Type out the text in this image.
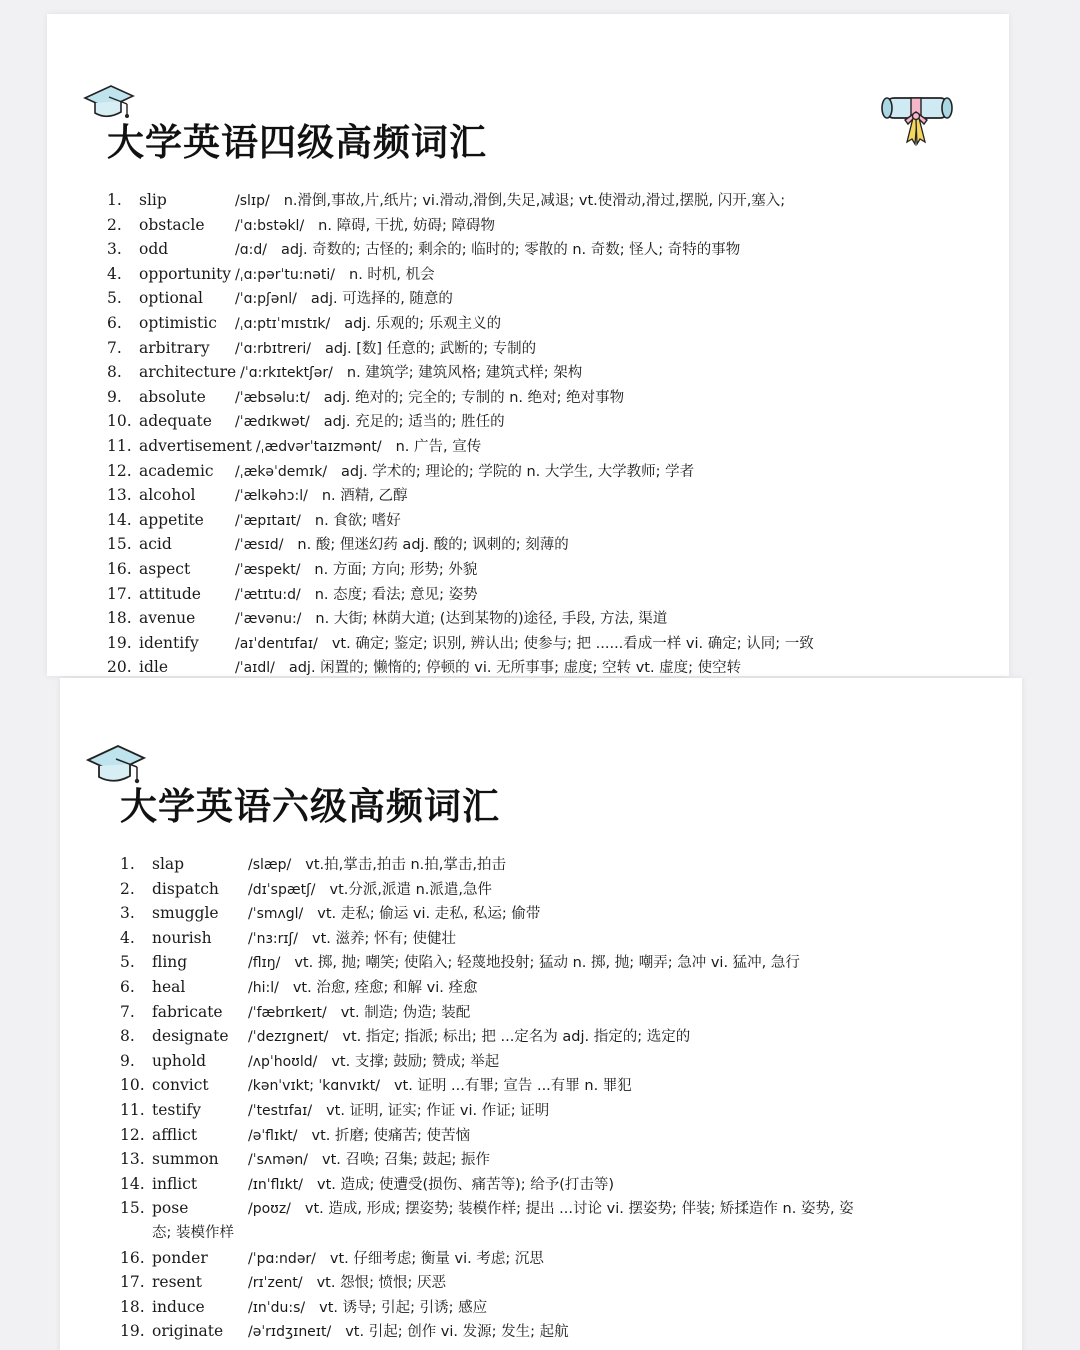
大学英语四级高频词汇
1. slip	/slɪp/ n.滑倒,事故,片,纸片; vi.滑动,滑倒,失足,减退; vt.使滑动,滑过,摆脱, 闪开,塞入;
2. obstacle /ˈɑ:bstəkl/ n. 障碍, 干扰, 妨碍; 障碍物
3. odd	/ɑ:d/ adj. 奇数的; 古怪的; 剩余的; 临时的; 零散的 n. 奇数; 怪人; 奇特的事物
4. opportunity /ˌɑ:pərˈtu:nəti/ n. 时机, 机会
5. optional /ˈɑ:pʃənl/ adj. 可选择的, 随意的
6. optimistic /ˌɑ:ptɪˈmɪstɪk/ adj. 乐观的; 乐观主义的
7. arbitrary /ˈɑ:rbɪtreri/ adj. [数] 任意的; 武断的; 专制的
8. architecture /ˈɑ:rkɪtektʃər/ n. 建筑学; 建筑风格; 建筑式样; 架构
9. absolute /ˈæbsəlu:t/ adj. 绝对的; 完全的; 专制的 n. 绝对; 绝对事物
10. adequate /ˈædɪkwət/ adj. 充足的; 适当的; 胜任的
11. advertisement /ˌædvərˈtaɪzmənt/ n. 广告, 宣传
12. academic /ˌækəˈdemɪk/ adj. 学术的; 理论的; 学院的 n. 大学生, 大学教师; 学者
13. alcohol	/ˈælkəhɔ:l/ n. 酒精, 乙醇
14. appetite /ˈæpɪtaɪt/ n. 食欲; 嗜好
15. acid	/ˈæsɪd/ n. 酸; 俚迷幻药 adj. 酸的; 讽刺的; 刻薄的
16. aspect	/ˈæspekt/ n. 方面; 方向; 形势; 外貌
17. attitude /ˈætɪtu:d/ n. 态度; 看法; 意见; 姿势
18. avenue	/ˈævənu:/ n. 大街; 林荫大道; (达到某物的)途径, 手段, 方法, 渠道
19. identify	/aɪˈdentɪfaɪ/ vt. 确定; 鉴定; 识别, 辨认出; 使参与; 把 ......看成一样 vi. 确定; 认同; 一致
20. idle	/ˈaɪdl/ adj. 闲置的; 懒惰的; 停顿的 vi. 无所事事; 虚度; 空转 vt. 虚度; 使空转
大学英语六级高频词汇
1. slap	/slæp/ vt.拍,掌击,拍击 n.拍,掌击,拍击
2. dispatch /dɪˈspætʃ/ vt.分派,派遣 n.派遣,急件
3. smuggle /ˈsmʌgl/ vt. 走私; 偷运 vi. 走私, 私运; 偷带
4. nourish	/ˈnɜ:rɪʃ/ vt. 滋养; 怀有; 使健壮
5. fling	/flɪŋ/ vt. 掷, 抛; 嘲笑; 使陷入; 轻蔑地投射; 猛动 n. 掷, 抛; 嘲弄; 急冲 vi. 猛冲, 急行
6. heal	/hi:l/ vt. 治愈, 痊愈; 和解 vi. 痊愈
7. fabricate /ˈfæbrɪkeɪt/ vt. 制造; 伪造; 装配
8. designate /ˈdezɪgneɪt/ vt. 指定; 指派; 标出; 把 ...定名为 adj. 指定的; 选定的
9. uphold	/ʌpˈhoʊld/ vt. 支撑; 鼓励; 赞成; 举起
10. convict	/kənˈvɪkt; ˈkɑnvɪkt/ vt. 证明 ...有罪; 宣告 ...有罪 n. 罪犯
11. testify	/ˈtestɪfaɪ/ vt. 证明, 证实; 作证 vi. 作证; 证明
12. afflict	/əˈflɪkt/ vt. 折磨; 使痛苦; 使苦恼
13. summon /ˈsʌmən/ vt. 召唤; 召集; 鼓起; 振作
14. inflict	/ɪnˈflɪkt/ vt. 造成; 使遭受(损伤、痛苦等); 给予(打击等)
15. pose	/poʊz/ vt. 造成, 形成; 摆姿势; 装模作样; 提出 ...讨论 vi. 摆姿势; 伴装; 矫揉造作 n. 姿势, 姿
态; 装模作样
16. ponder	/ˈpɑ:ndər/ vt. 仔细考虑; 衡量 vi. 考虑; 沉思
17. resent	/rɪˈzent/ vt. 怨恨; 愤恨; 厌恶
18. induce	/ɪnˈdu:s/ vt. 诱导; 引起; 引诱; 感应
19. originate /əˈrɪdʒɪneɪt/ vt. 引起; 创作 vi. 发源; 发生; 起航
